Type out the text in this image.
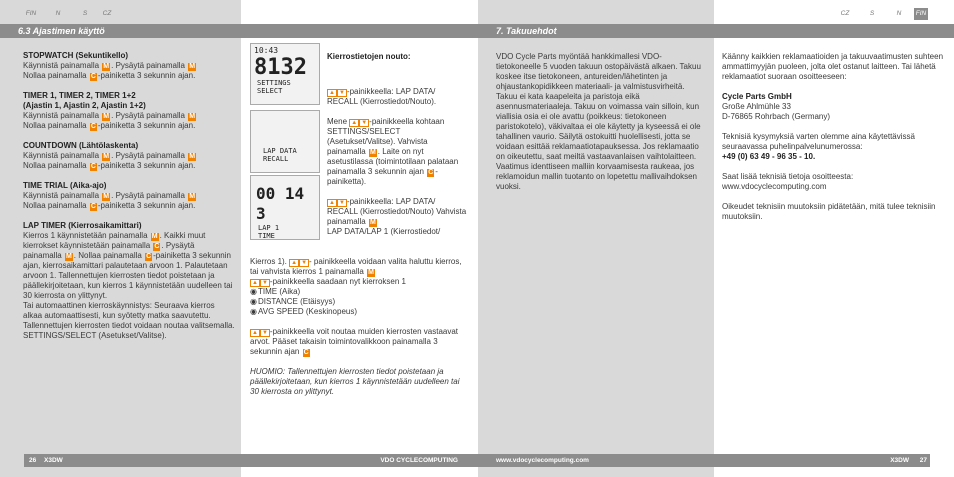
FIN	N	S	CZ	CZ	S	N	FIN
6.3 Ajastimen käyttö	7. Takuuehdot
STOPWATCH (Sekuntikello)
Käynnistä painamalla M . Pysäytä painamalla M
Nollaa painamalla C -painiketta 3 sekunnin ajan.
TIMER 1, TIMER 2, TIMER 1+2
(Ajastin 1, Ajastin 2, Ajastin 1+2)
Käynnistä painamalla M . Pysäytä painamalla M
Nollaa painamalla C -painiketta 3 sekunnin ajan.
COUNTDOWN (Lähtölaskenta)
Käynnistä painamalla M . Pysäytä painamalla M
Nollaa painamalla C -painiketta 3 sekunnin ajan.
TIME TRIAL (Aika-ajo)
Käynnistä painamalla M . Pysäytä painamalla M
Nollaa painamalla C -painiketta 3 sekunnin ajan.
LAP TIMER (Kierrosaikamittari)
Kierros 1 käynnistetään painamalla M . Kaikki muut kierrokset käynnistetään painamalla C . Pysäytä painamalla M . Nollaa painamalla C -painiketta 3 sekunnin ajan, kierrosaikamittari palautetaan arvoon 1. Palautetaan arvoon 1. Tallennettujen kierrosten tiedot poistetaan ja päällekirjoitetaan, kun kierros 1 käynnistetään uudelleen tai 30 kierrosta on ylittynyt.
Tai automaattinen kierroskäynnistys: Seuraava kierros alkaa automaattisesti, kun syötetty matka saavutettu. Tallennettujen kierrosten tiedot voidaan noutaa valitsemalla. SETTINGS/SELECT (Asetukset/Valitse).
10:43
8132
SETTINGS
SELECT
LAP DATA
RECALL
00 14 3
LAP 1
TIME
Kierrostietojen nouto:
▲ ▼ -painikkeella: LAP DATA/ RECALL (Kierrostiedot/Nouto).
Mene ▲ ▼ -painikkeella kohtaan SETTINGS/SELECT (Asetukset/Valitse). Vahvista painamalla M . Laite on nyt asetustilassa (toimintotilaan palataan painamalla 3 sekunnin ajan C -painiketta).
▲ ▼ -painikkeella: LAP DATA/ RECALL (Kierrostiedot/Nouto) Vahvista painamalla M
LAP DATA/LAP 1 (Kierrostiedot/
Kierros 1). ▲ ▼ - painikkeella voidaan valita haluttu kierros, tai vahvista kierros 1 painamalla M
▲ ▼ -painikkeella saadaan nyt kierroksen 1
◉TIME (Aika)
◉DISTANCE (Etäisyys)
◉AVG SPEED (Keskinopeus)
▲ ▼ -painikkeella voit noutaa muiden kierrosten vastaavat arvot. Pääset takaisin toimintovalikkoon painamalla 3 sekunnin ajan C
HUOMIO: Tallennettujen kierrosten tiedot poistetaan ja päällekirjoitetaan, kun kierros 1 käynnistetään uudelleen tai 30 kierrosta on ylittynyt.
VDO Cycle Parts myöntää hankkimallesi VDO-tietokoneelle 5 vuoden takuun ostopäivästä alkaen. Takuu koskee itse tietokoneen, antureiden/lähetinten ja ohjaustankopidikkeen materiaali- ja valmistusvirheitä. Takuu ei kata kaapeleita ja paristoja eikä asennusmateriaaleja. Takuu on voimassa vain silloin, kun viallisia osia ei ole avattu (poikkeus: tietokoneen paristokotelo), väkivaltaa ei ole käytetty ja kyseessä ei ole tahallinen vaurio. Säilytä ostokuitti huolellisesti, jotta se voidaan esittää reklamaatiotapauksessa. Jos reklamaatio on oikeutettu, saat meiltä vastaavanlaisen vaihtolaitteen. Vaatimus identtiseen malliin korvaamisesta raukeaa, jos reklamoidun mallin tuotanto on lopetettu mallivaihdoksen vuoksi.
Käänny kaikkien reklamaatioiden ja takuuvaatimusten suhteen ammattimyyjän puoleen, jolta olet ostanut laitteen. Tai lähetä reklamaatiot suoraan osoitteeseen:
Cycle Parts GmbH
Große Ahlmühle 33
D-76865 Rohrbach (Germany)
Teknisiä kysymyksiä varten olemme aina käytettävissä seuraavassa puhelinpalvelunumerossa:
+49 (0) 63 49 - 96 35 - 10.
Saat lisää teknisiä tietoja osoitteesta: www.vdocyclecomputing.com
Oikeudet teknisiin muutoksiin pidätetään, mitä tulee teknisiin muutoksiin.
26 X3DW	VDO CYCLECOMPUTING	www.vdocyclecomputing.com	X3DW 27
